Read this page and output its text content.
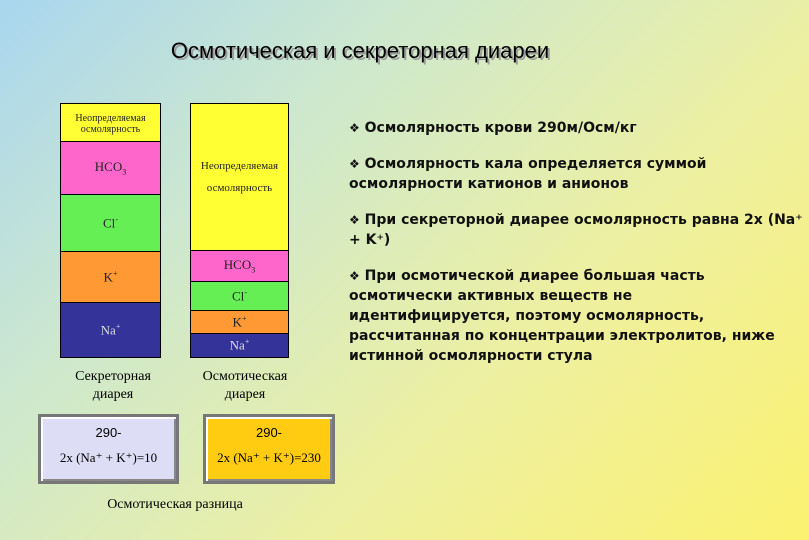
Осмотическая и секреторная диареи
Неопределяемая осмолярность
$HCO_3$
Cl-
K+
Na+
Неопределяемая осмолярность
$HCO_3$
Cl-
K+
Na+
Секреторная диарея
Осмотическая диарея
290-
2x (Na⁺ + K⁺)=10
290-
2x (Na⁺ + K⁺)=230
Осмотическая разница

❖ Осмолярность крови 290м/Осм/кг

❖ Осмолярность кала определяется суммой осмолярности катионов и анионов

❖ При секреторной диарее осмолярность равна 2х (Na⁺ + K⁺)

❖ При осмотической диарее большая часть осмотически активных веществ не идентифицируется, поэтому осмолярность, рассчитанная по концентрации электролитов, ниже истинной осмолярности стула
